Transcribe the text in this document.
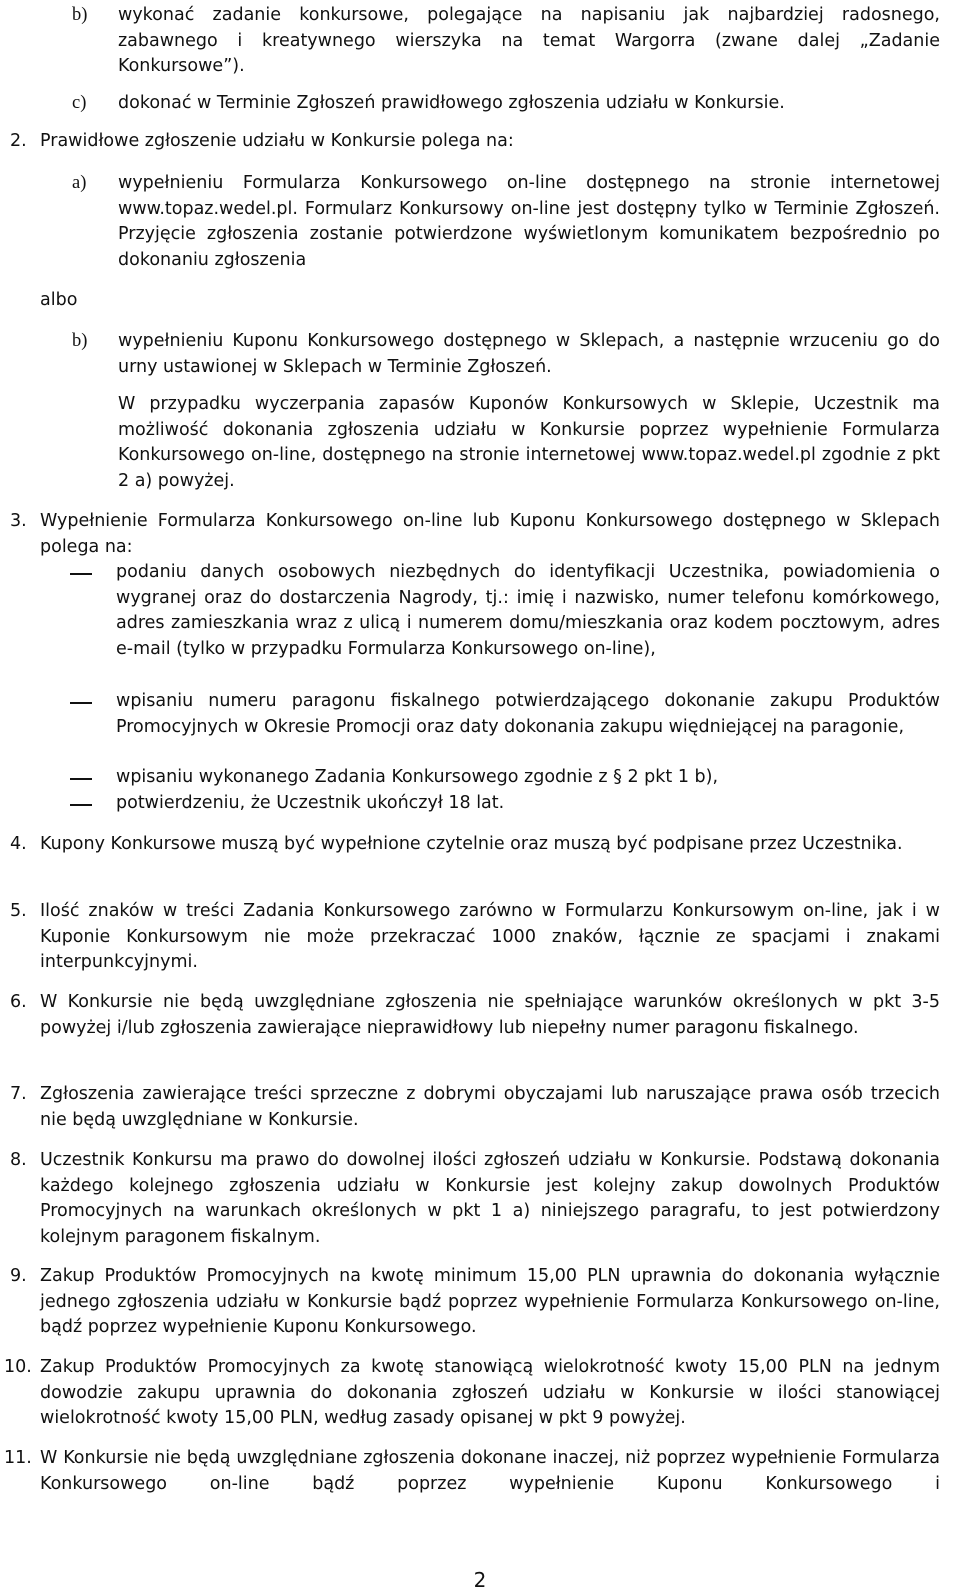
b) wykonać zadanie konkursowe, polegające na napisaniu jak najbardziej radosnego, zabawnego i kreatywnego wierszyka na temat Wargorra (zwane dalej „Zadanie Konkursowe”).

c) dokonać w Terminie Zgłoszeń prawidłowego zgłoszenia udziału w Konkursie.

2. Prawidłowe zgłoszenie udziału w Konkursie polega na:

a) wypełnieniu Formularza Konkursowego on-line dostępnego na stronie internetowej www.topaz.wedel.pl. Formularz Konkursowy on-line jest dostępny tylko w Terminie Zgłoszeń. Przyjęcie zgłoszenia zostanie potwierdzone wyświetlonym komunikatem bezpośrednio po dokonaniu zgłoszenia

albo

b) wypełnieniu Kuponu Konkursowego dostępnego w Sklepach, a następnie wrzuceniu go do urny ustawionej w Sklepach w Terminie Zgłoszeń.

W przypadku wyczerpania zapasów Kuponów Konkursowych w Sklepie, Uczestnik ma możliwość dokonania zgłoszenia udziału w Konkursie poprzez wypełnienie Formularza Konkursowego on-line, dostępnego na stronie internetowej www.topaz.wedel.pl zgodnie z pkt 2 a) powyżej.

3. Wypełnienie Formularza Konkursowego on-line lub Kuponu Konkursowego dostępnego w Sklepach polega na:

podaniu danych osobowych niezbędnych do identyfikacji Uczestnika, powiadomienia o wygranej oraz do dostarczenia Nagrody, tj.: imię i nazwisko, numer telefonu komórkowego, adres zamieszkania wraz z ulicą i numerem domu/mieszkania oraz kodem pocztowym, adres e-mail (tylko w przypadku Formularza Konkursowego on-line),

wpisaniu numeru paragonu fiskalnego potwierdzającego dokonanie zakupu Produktów Promocyjnych w Okresie Promocji oraz daty dokonania zakupu więdniejącej na paragonie,

wpisaniu wykonanego Zadania Konkursowego zgodnie z § 2 pkt 1 b),

potwierdzeniu, że Uczestnik ukończył 18 lat.

4. Kupony Konkursowe muszą być wypełnione czytelnie oraz muszą być podpisane przez Uczestnika.

5. Ilość znaków w treści Zadania Konkursowego zarówno w Formularzu Konkursowym on-line, jak i w Kuponie Konkursowym nie może przekraczać 1000 znaków, łącznie ze spacjami i znakami interpunkcyjnymi.

6. W Konkursie nie będą uwzględniane zgłoszenia nie spełniające warunków określonych w pkt 3-5 powyżej i/lub zgłoszenia zawierające nieprawidłowy lub niepełny numer paragonu fiskalnego.

7. Zgłoszenia zawierające treści sprzeczne z dobrymi obyczajami lub naruszające prawa osób trzecich nie będą uwzględniane w Konkursie.

8. Uczestnik Konkursu ma prawo do dowolnej ilości zgłoszeń udziału w Konkursie. Podstawą dokonania każdego kolejnego zgłoszenia udziału w Konkursie jest kolejny zakup dowolnych Produktów Promocyjnych na warunkach określonych w pkt 1 a) niniejszego paragrafu, to jest potwierdzony kolejnym paragonem fiskalnym.

9. Zakup Produktów Promocyjnych na kwotę minimum 15,00 PLN uprawnia do dokonania wyłącznie jednego zgłoszenia udziału w Konkursie bądź poprzez wypełnienie Formularza Konkursowego on-line, bądź poprzez wypełnienie Kuponu Konkursowego.

10. Zakup Produktów Promocyjnych za kwotę stanowiącą wielokrotność kwoty 15,00 PLN na jednym dowodzie zakupu uprawnia do dokonania zgłoszeń udziału w Konkursie w ilości stanowiącej wielokrotność kwoty 15,00 PLN, według zasady opisanej w pkt 9 powyżej.

11. W Konkursie nie będą uwzględniane zgłoszenia dokonane inaczej, niż poprzez wypełnienie Formularza Konkursowego on-line bądź poprzez wypełnienie Kuponu Konkursowego i

2
